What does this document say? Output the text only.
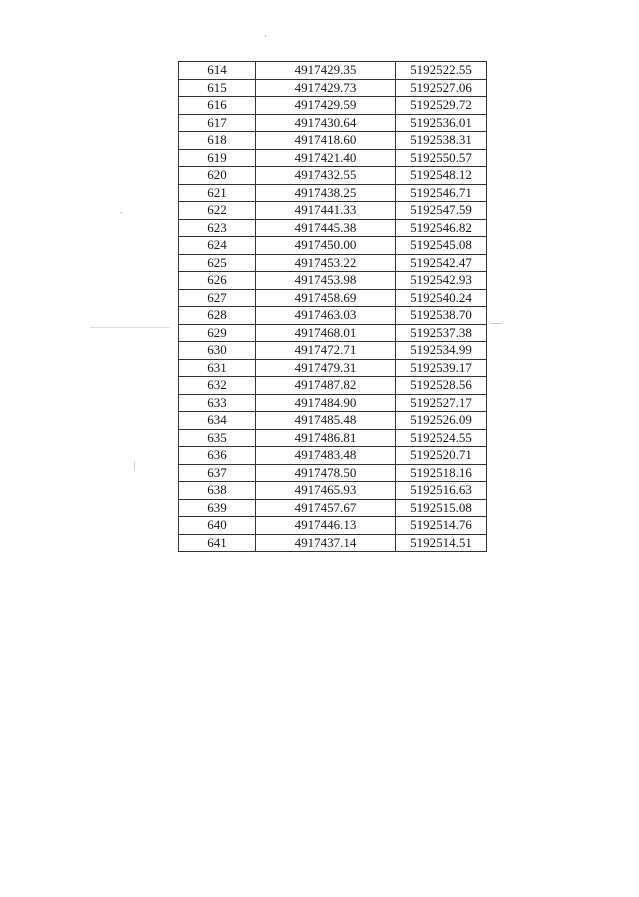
614	4917429.35	5192522.55
615	4917429.73	5192527.06
616	4917429.59	5192529.72
617	4917430.64	5192536.01
618	4917418.60	5192538.31
619	4917421.40	5192550.57
620	4917432.55	5192548.12
621	4917438.25	5192546.71
622	4917441.33	5192547.59
623	4917445.38	5192546.82
624	4917450.00	5192545.08
625	4917453.22	5192542.47
626	4917453.98	5192542.93
627	4917458.69	5192540.24
628	4917463.03	5192538.70
629	4917468.01	5192537.38
630	4917472.71	5192534.99
631	4917479.31	5192539.17
632	4917487.82	5192528.56
633	4917484.90	5192527.17
634	4917485.48	5192526.09
635	4917486.81	5192524.55
636	4917483.48	5192520.71
637	4917478.50	5192518.16
638	4917465.93	5192516.63
639	4917457.67	5192515.08
640	4917446.13	5192514.76
641	4917437.14	5192514.51
